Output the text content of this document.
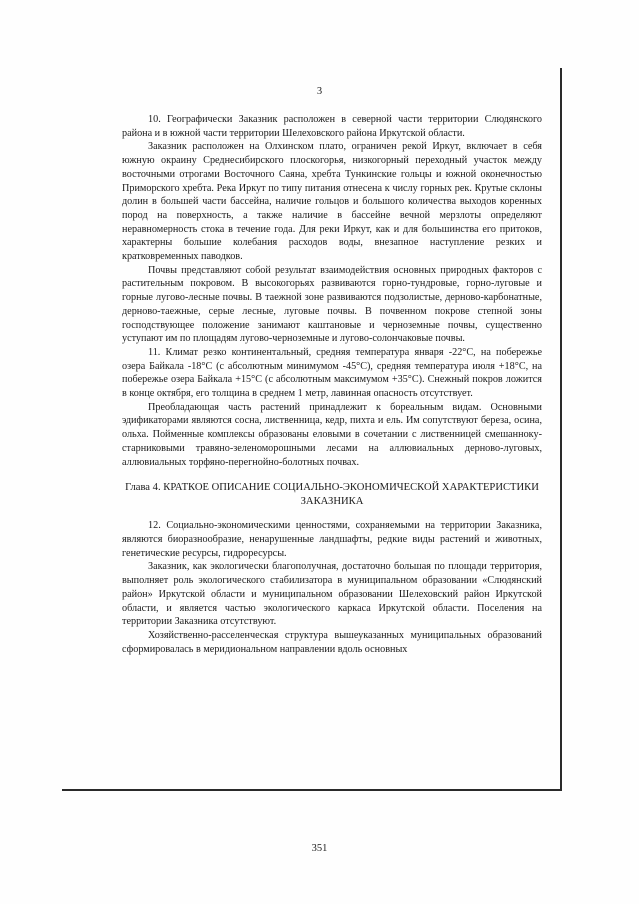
3

10. Географически Заказник расположен в северной части территории Слюдянского района и в южной части территории Шелеховского района Иркутской области.

Заказник расположен на Олхинском плато, ограничен рекой Иркут, включает в себя южную окраину Среднесибирского плоскогорья, низкогорный переходный участок между восточными отрогами Восточного Саяна, хребта Тункинские гольцы и южной оконечностью Приморского хребта. Река Иркут по типу питания отнесена к числу горных рек. Крутые склоны долин в большей части бассейна, наличие гольцов и большого количества выходов коренных пород на поверхность, а также наличие в бассейне вечной мерзлоты определяют неравномерность стока в течение года. Для реки Иркут, как и для большинства его притоков, характерны большие колебания расходов воды, внезапное наступление резких и кратковременных паводков.

Почвы представляют собой результат взаимодействия основных природных факторов с растительным покровом. В высокогорьях развиваются горно-тундровые, горно-луговые и горные лугово-лесные почвы. В таежной зоне развиваются подзолистые, дерново-карбонатные, дерново-таежные, серые лесные, луговые почвы. В почвенном покрове степной зоны господствующее положение занимают каштановые и черноземные почвы, существенно уступают им по площадям лугово-черноземные и лугово-солончаковые почвы.

11. Климат резко континентальный, средняя температура января -22°С, на побережье озера Байкала -18°С (с абсолютным минимумом -45°С), средняя температура июля +18°С, на побережье озера Байкала +15°С (с абсолютным максимумом +35°С). Снежный покров ложится в конце октября, его толщина в среднем 1 метр, лавинная опасность отсутствует.

Преобладающая часть растений принадлежит к бореальным видам. Основными эдификаторами являются сосна, лиственница, кедр, пихта и ель. Им сопутствуют береза, осина, ольха. Пойменные комплексы образованы еловыми в сочетании с лиственницей смешаннокустарниковыми травяно-зеленоморошными лесами на аллювиальных дерново-луговых, аллювиальных торфяно-перегнойно-болотных почвах.

Глава 4. КРАТКОЕ ОПИСАНИЕ СОЦИАЛЬНО-ЭКОНОМИЧЕСКОЙ ХАРАКТЕРИСТИКИ ЗАКАЗНИКА

12. Социально-экономическими ценностями, сохраняемыми на территории Заказника, являются биоразнообразие, ненарушенные ландшафты, редкие виды растений и животных, генетические ресурсы, гидроресурсы.

Заказник, как экологически благополучная, достаточно большая по площади территория, выполняет роль экологического стабилизатора в муниципальном образовании «Слюдянский район» Иркутской области и муниципальном образовании Шелеховский район Иркутской области, и является частью экологического каркаса Иркутской области. Поселения на территории Заказника отсутствуют.

Хозяйственно-расселенческая структура вышеуказанных муниципальных образований сформировалась в меридиональном направлении вдоль основных

351
